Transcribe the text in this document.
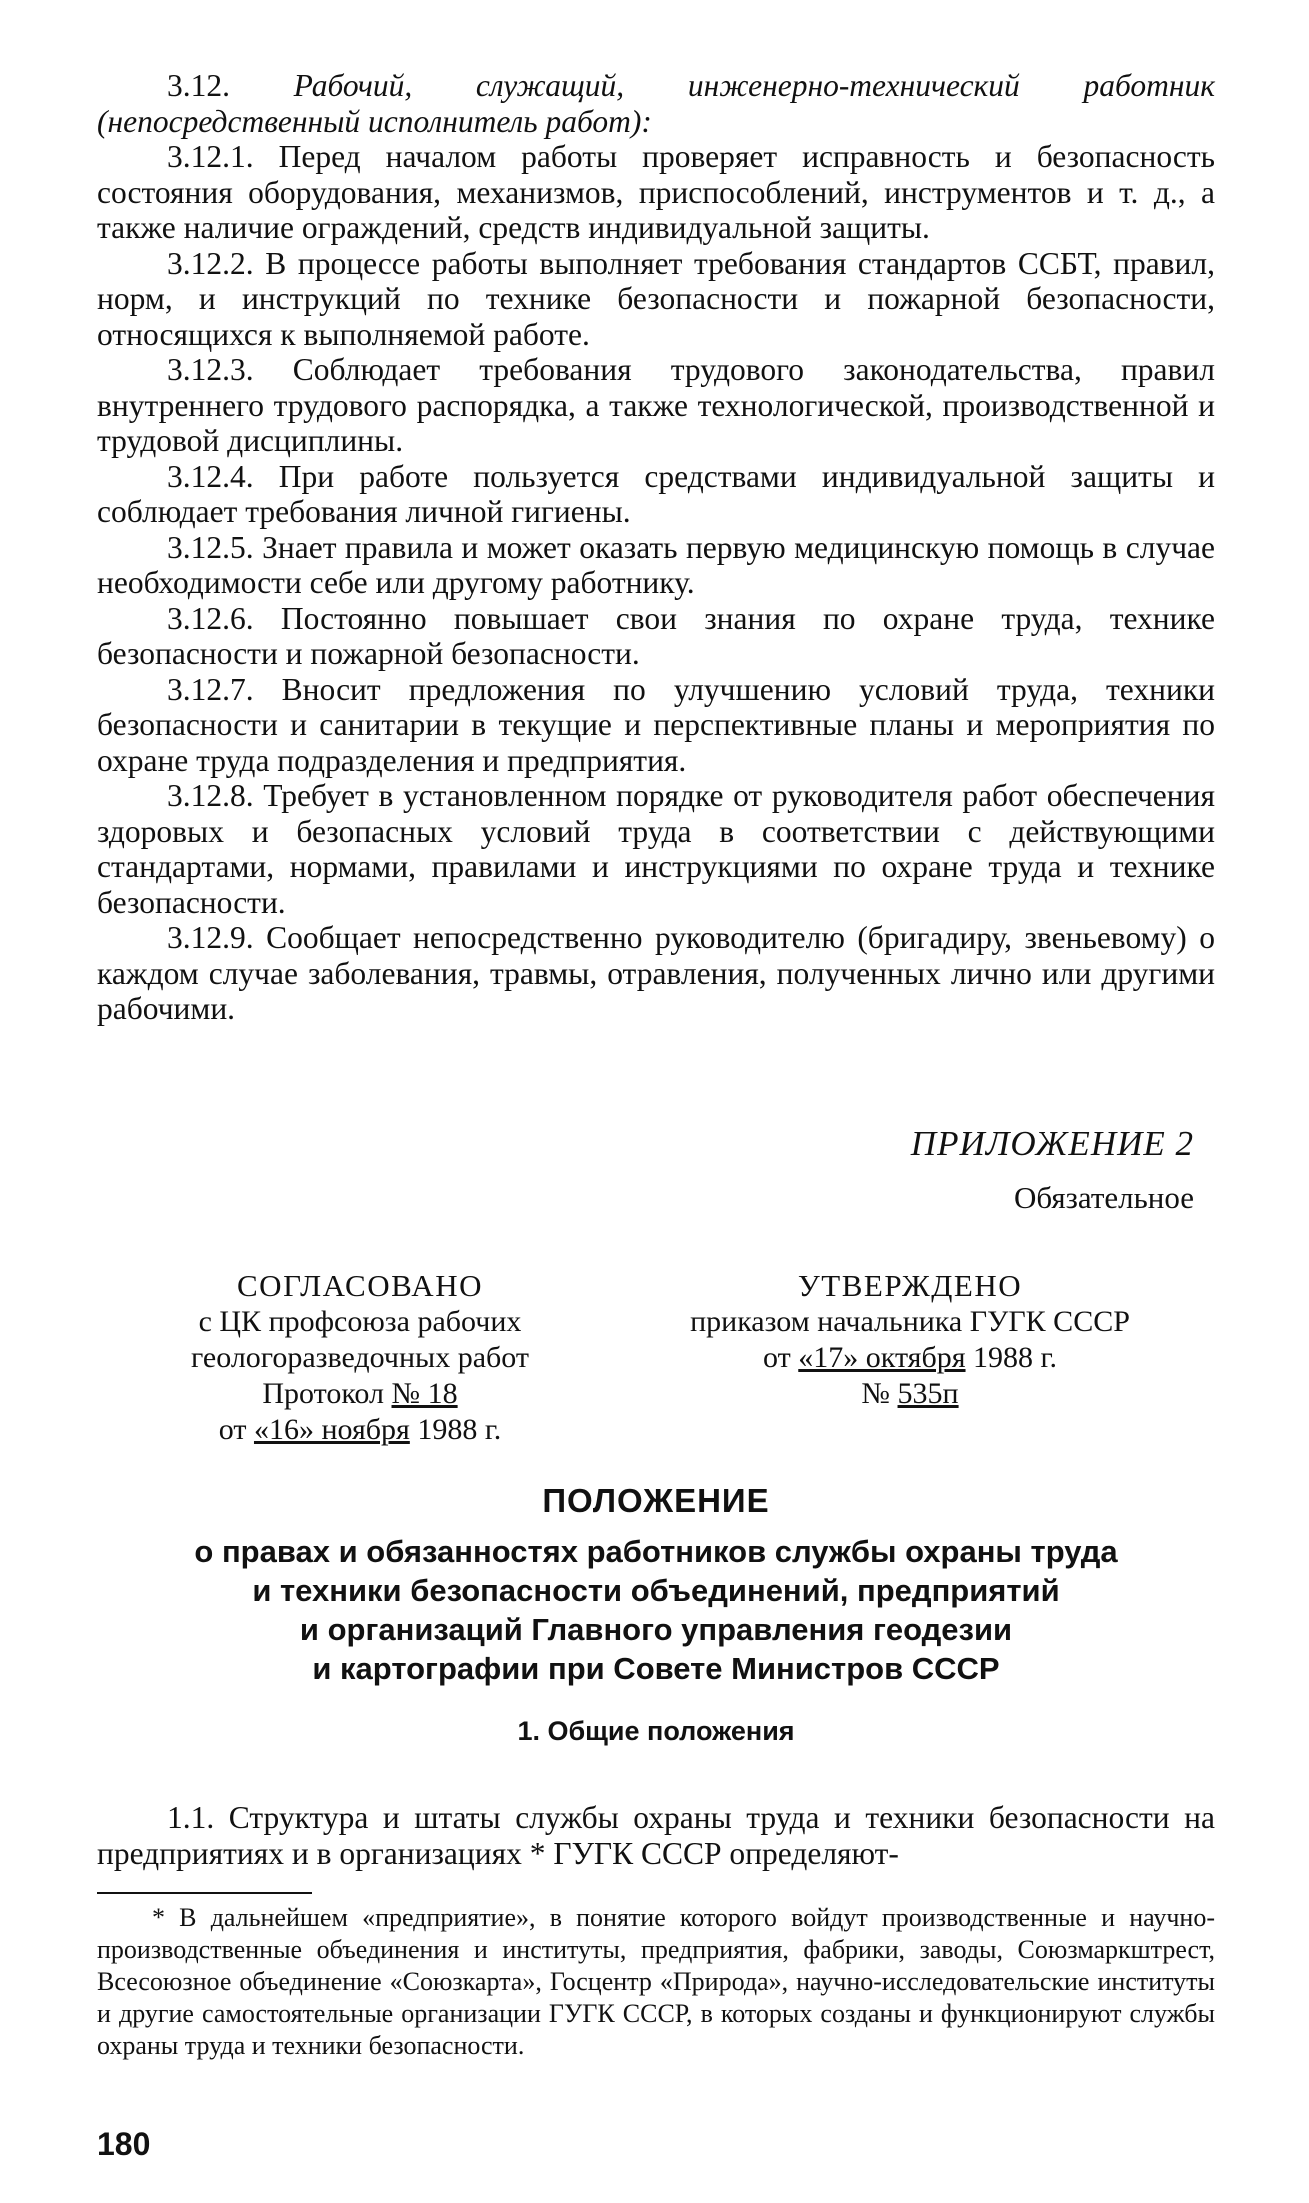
3.12. Рабочий, служащий, инженерно-технический работник (непосредственный исполнитель работ):

3.12.1. Перед началом работы проверяет исправность и безопасность состояния оборудования, механизмов, приспособлений, инструментов и т. д., а также наличие ограждений, средств индивидуальной защиты.

3.12.2. В процессе работы выполняет требования стандартов ССБТ, правил, норм, и инструкций по технике безопасности и пожарной безопасности, относящихся к выполняемой работе.

3.12.3. Соблюдает требования трудового законодательства, правил внутреннего трудового распорядка, а также технологической, производственной и трудовой дисциплины.

3.12.4. При работе пользуется средствами индивидуальной защиты и соблюдает требования личной гигиены.

3.12.5. Знает правила и может оказать первую медицинскую помощь в случае необходимости себе или другому работнику.

3.12.6. Постоянно повышает свои знания по охране труда, технике безопасности и пожарной безопасности.

3.12.7. Вносит предложения по улучшению условий труда, техники безопасности и санитарии в текущие и перспективные планы и мероприятия по охране труда подразделения и предприятия.

3.12.8. Требует в установленном порядке от руководителя работ обеспечения здоровых и безопасных условий труда в соответствии с действующими стандартами, нормами, правилами и инструкциями по охране труда и технике безопасности.

3.12.9. Сообщает непосредственно руководителю (бригадиру, звеньевому) о каждом случае заболевания, травмы, отравления, полученных лично или другими рабочими.

ПРИЛОЖЕНИЕ 2
Обязательное
СОГЛАСОВАНО
с ЦК профсоюза рабочих
геологоразведочных работ
Протокол № 18
от «16» ноября 1988 г.
УТВЕРЖДЕНО
приказом начальника ГУГК СССР
от «17» октября 1988 г.
№ 535п
ПОЛОЖЕНИЕ
о правах и обязанностях работников службы охраны труда
и техники безопасности объединений, предприятий
и организаций Главного управления геодезии
и картографии при Совете Министров СССР
1. Общие положения

1.1. Структура и штаты службы охраны труда и техники безопасности на предприятиях и в организациях * ГУГК СССР определяют-

* В дальнейшем «предприятие», в понятие которого войдут производственные и научно-производственные объединения и институты, предприятия, фабрики, заводы, Союзмаркштрест, Всесоюзное объединение «Союзкарта», Госцентр «Природа», научно-исследовательские институты и другие самостоятельные организации ГУГК СССР, в которых созданы и функционируют службы охраны труда и техники безопасности.

180
